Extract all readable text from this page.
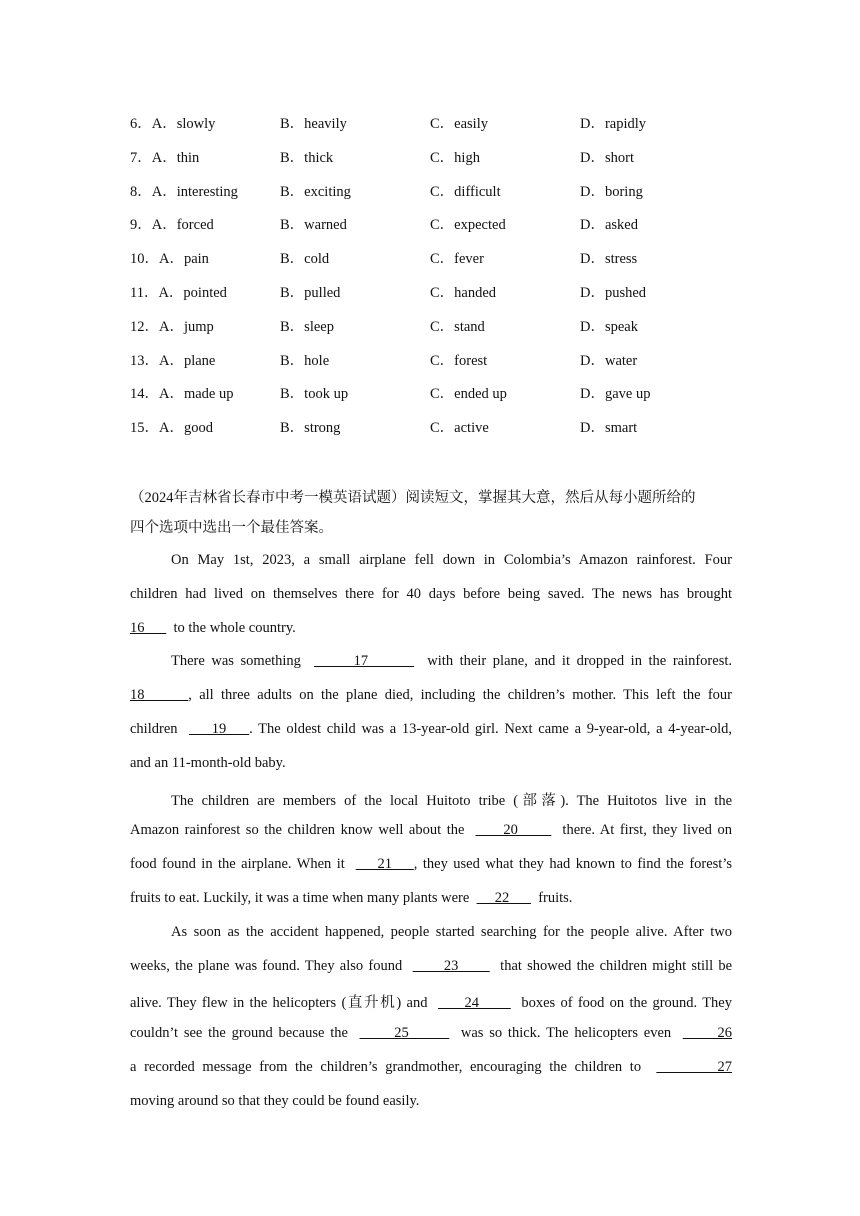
6．A．slowly	B．heavily	C．easily	D．rapidly
7．A．thin	B．thick	C．high	D．short
8．A．interesting	B．exciting	C．difficult	D．boring
9．A．forced	B．warned	C．expected	D．asked
10．A．pain	B．cold	C．fever	D．stress
11．A．pointed	B．pulled	C．handed	D．pushed
12．A．jump	B．sleep	C．stand	D．speak
13．A．plane	B．hole	C．forest	D．water
14．A．made up	B．took up	C．ended up	D．gave up
15．A．good	B．strong	C．active	D．smart
（2024年吉林省长春市中考一模英语试题）阅读短文，掌握其大意，然后从每小题所给的
四个选项中选出一个最佳答案。
On May 1st, 2023, a small airplane fell down in Colombia’s Amazon rainforest. Four
children had lived on themselves there for 40 days before being saved. The news has brought
16        to the whole country.
There was something        17         with their plane, and it dropped in the rainforest.
18      , all three adults on the plane died, including the children’s mother. This left the four
children      19    . The oldest child was a 13-year-old girl. Next came a 9-year-old, a 4-year-old,
and an 11-month-old baby.
The children are members of the local Huitoto tribe (部落). The Huitotos live in the
Amazon rainforest so the children know well about the       20        there. At first, they lived on
food found in the airplane. When it      21    , they used what they had known to find the forest’s
fruits to eat. Luckily, it was a time when many plants were       22        fruits.
As soon as the accident happened, people started searching for the people alive. After two
weeks, the plane was found. They also found        23        that showed the children might still be
alive. They flew in the helicopters (直升机) and       24        boxes of food on the ground. They
couldn’t see the ground because the        25         was so thick. The helicopters even        26
a recorded message from the children’s grandmother, encouraging the children to          27
moving around so that they could be found easily.
